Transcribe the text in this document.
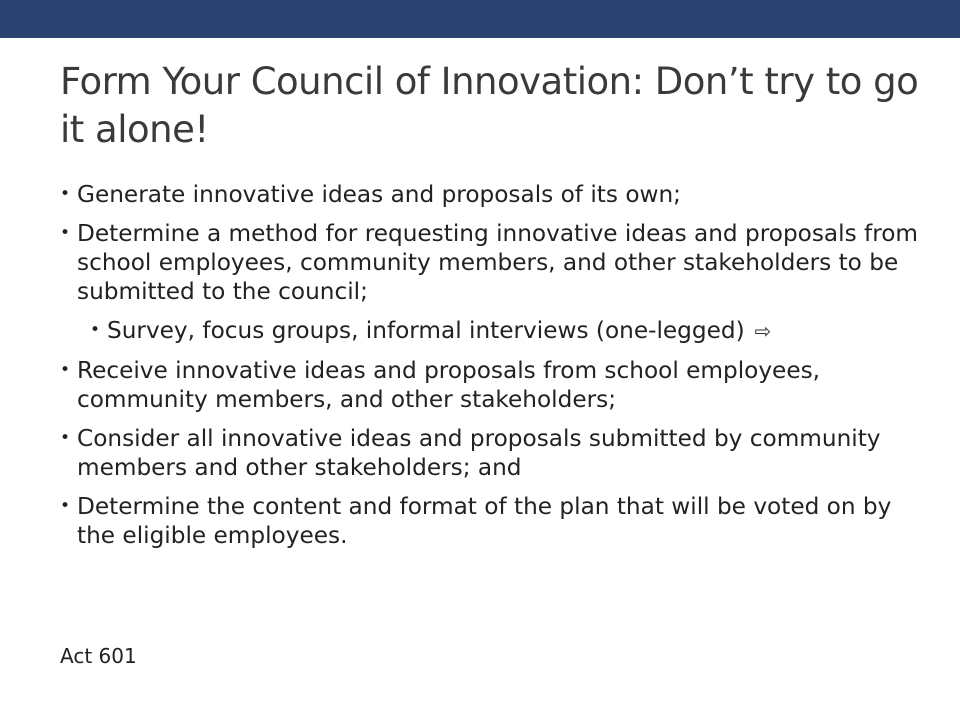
Form Your Council of Innovation: Don’t try to go it alone!
• Generate innovative ideas and proposals of its own;
• Determine a method for requesting innovative ideas and proposals from school employees, community members, and other stakeholders to be submitted to the council;
• Survey, focus groups, informal interviews (one-legged) ⇨
• Receive innovative ideas and proposals from school employees, community members, and other stakeholders;
• Consider all innovative ideas and proposals submitted by community members and other stakeholders; and
• Determine the content and format of the plan that will be voted on by the eligible employees.
Act 601
